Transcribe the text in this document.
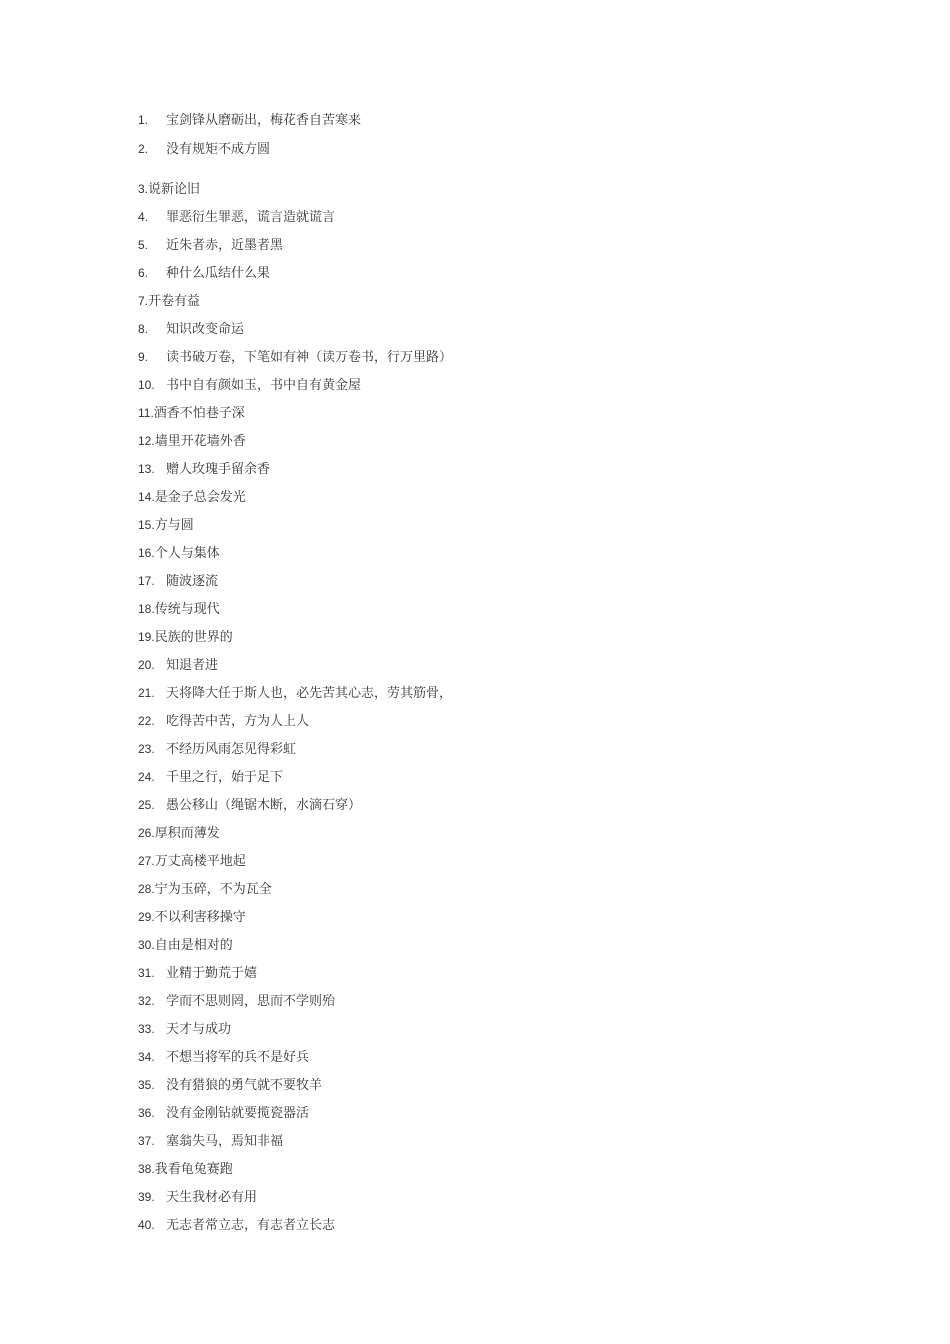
1. 宝剑锋从磨砺出，梅花香自苦寒来
2. 没有规矩不成方圆
3.说新论旧
4. 罪恶衍生罪恶，谎言造就谎言
5. 近朱者赤，近墨者黑
6. 种什么瓜结什么果
7.开卷有益
8. 知识改变命运
9. 读书破万卷，下笔如有神（读万卷书，行万里路）
10. 书中自有颜如玉，书中自有黄金屋
11.酒香不怕巷子深
12.墙里开花墙外香
13. 赠人玫瑰手留余香
14.是金子总会发光
15.方与圆
16.个人与集体
17. 随波逐流
18.传统与现代
19.民族的世界的
20. 知退者进
21. 天将降大任于斯人也，必先苦其心志，劳其筋骨，
22. 吃得苦中苦，方为人上人
23. 不经历风雨怎见得彩虹
24. 千里之行，始于足下
25. 愚公移山（绳锯木断，水滴石穿）
26.厚积而薄发
27.万丈高楼平地起
28.宁为玉碎，不为瓦全
29.不以利害移操守
30.自由是相对的
31. 业精于勤荒于嬉
32. 学而不思则罔，思而不学则殆
33. 天才与成功
34. 不想当将军的兵不是好兵
35. 没有猎狼的勇气就不要牧羊
36. 没有金刚钻就要揽瓷器活
37. 塞翁失马，焉知非福
38.我看龟兔赛跑
39. 天生我材必有用
40. 无志者常立志，有志者立长志
